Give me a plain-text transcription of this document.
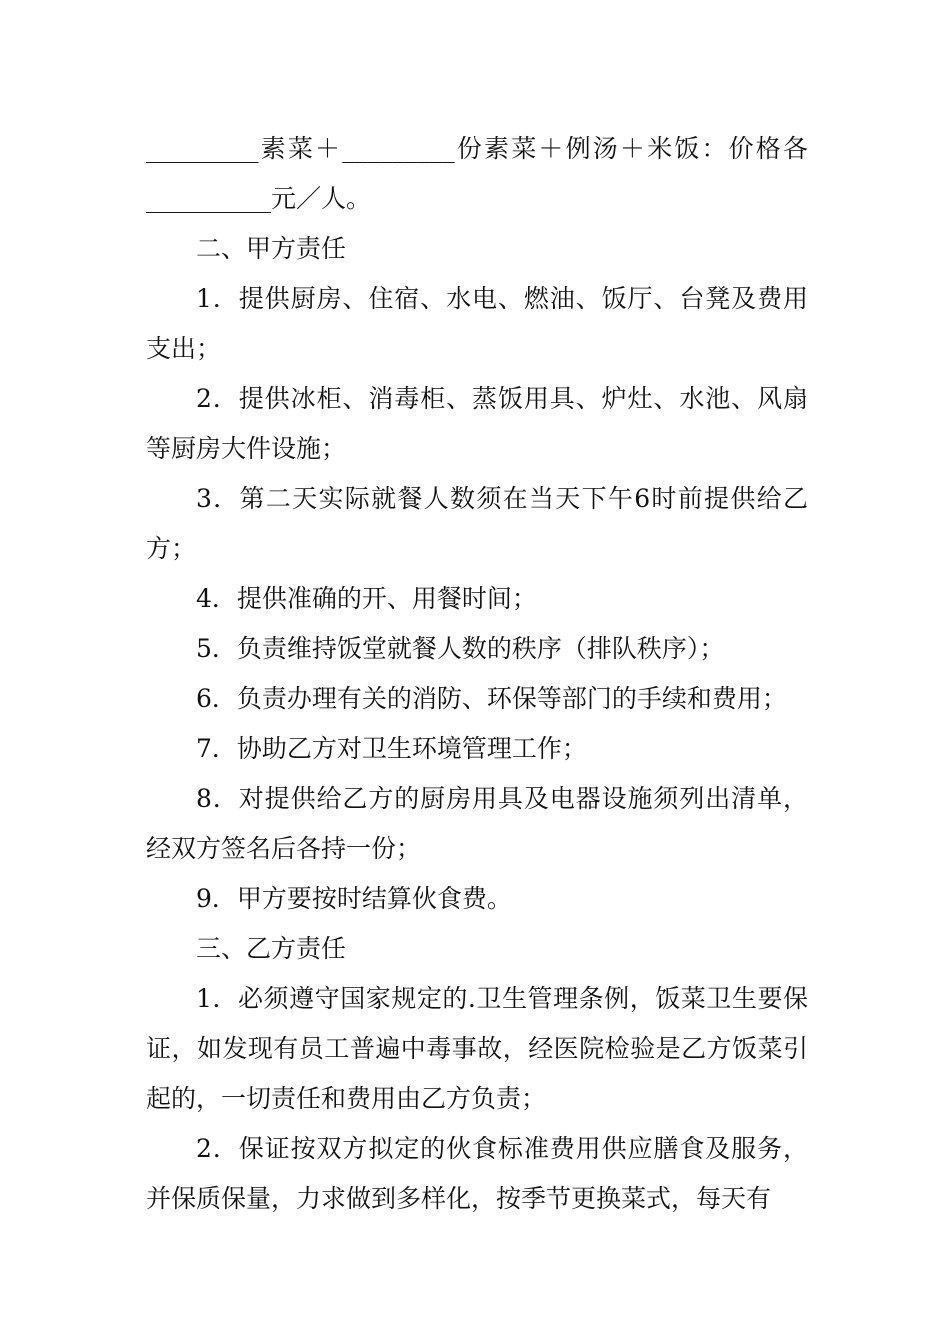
_________素菜＋_________份素菜＋例汤＋米饭：价格各__________元／人。

二、甲方责任

1．提供厨房、住宿、水电、燃油、饭厅、台凳及费用支出；

2．提供冰柜、消毒柜、蒸饭用具、炉灶、水池、风扇等厨房大件设施；

3．第二天实际就餐人数须在当天下午6时前提供给乙方；

4．提供准确的开、用餐时间；

5．负责维持饭堂就餐人数的秩序（排队秩序）；

6．负责办理有关的消防、环保等部门的手续和费用；

7．协助乙方对卫生环境管理工作；

8．对提供给乙方的厨房用具及电器设施须列出清单，经双方签名后各持一份；

9．甲方要按时结算伙食费。

三、乙方责任

1．必须遵守国家规定的.卫生管理条例，饭菜卫生要保证，如发现有员工普遍中毒事故，经医院检验是乙方饭菜引起的，一切责任和费用由乙方负责；

2．保证按双方拟定的伙食标准费用供应膳食及服务，并保质保量，力求做到多样化，按季节更换菜式，每天有
